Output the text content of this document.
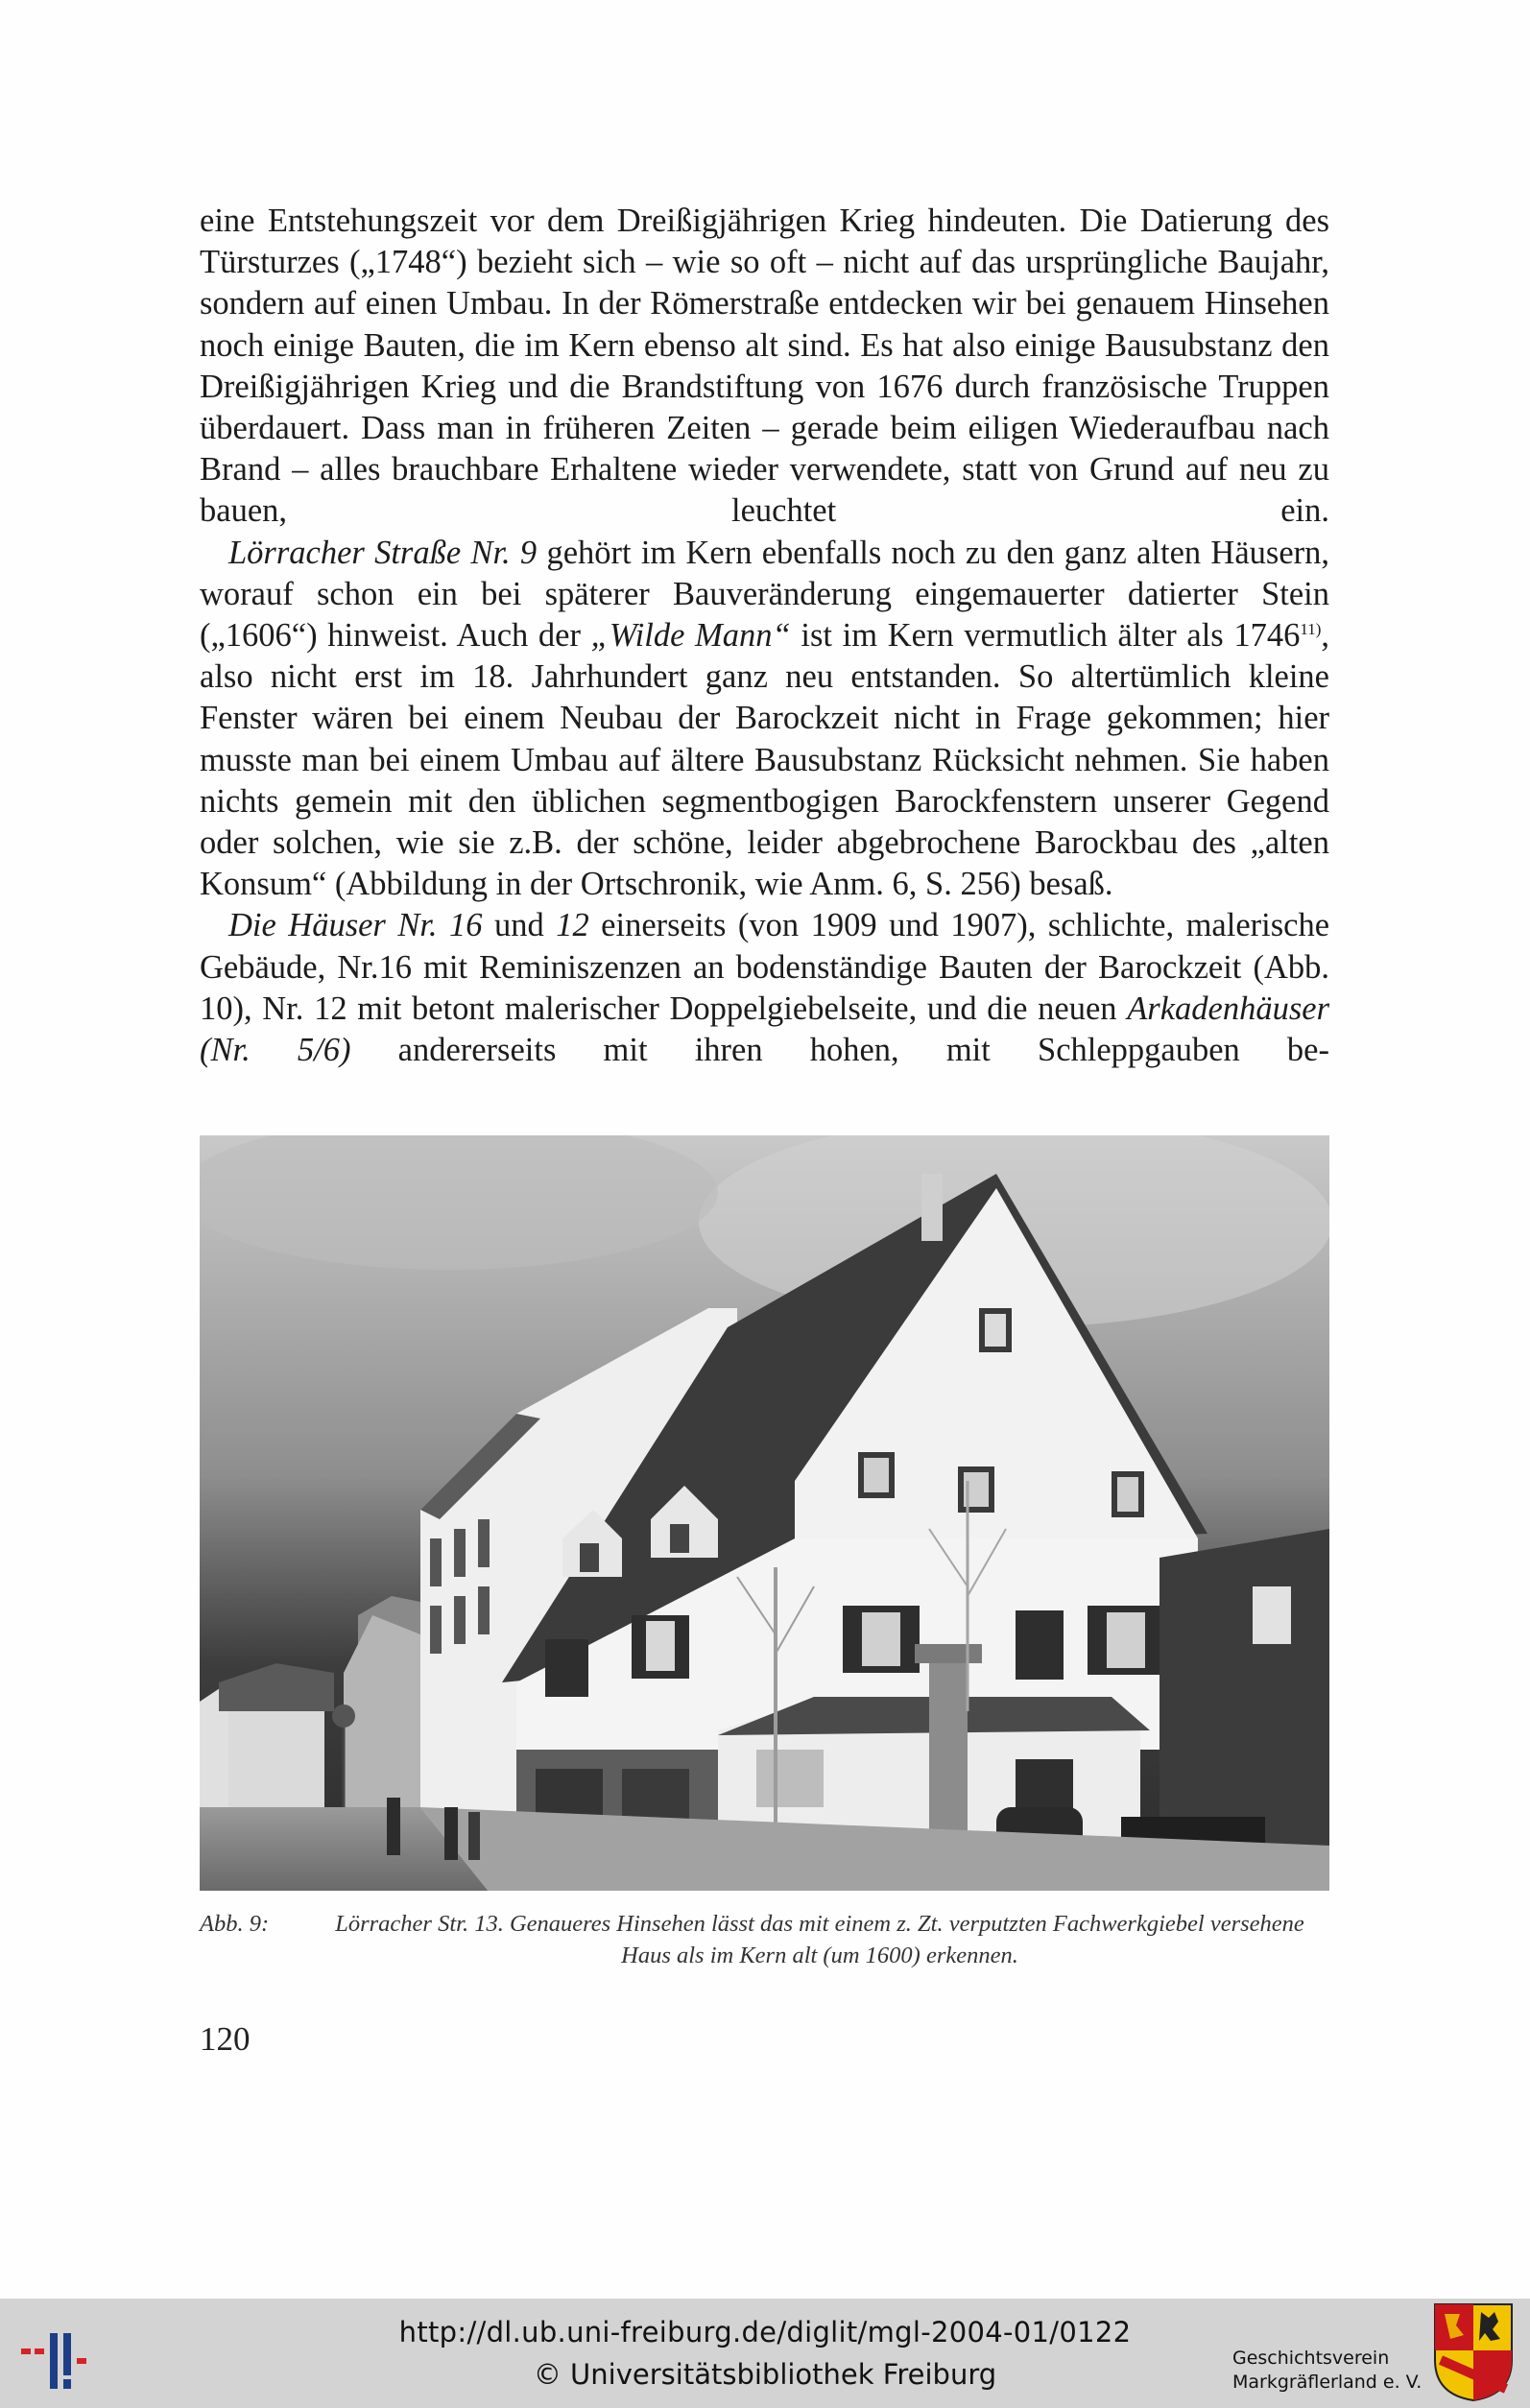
eine Entstehungszeit vor dem Dreißigjährigen Krieg hindeuten. Die Datierung des Türsturzes („1748“) bezieht sich – wie so oft – nicht auf das ursprüngliche Baujahr, sondern auf einen Umbau. In der Römerstraße entdecken wir bei genauem Hinsehen noch einige Bauten, die im Kern ebenso alt sind. Es hat also einige Bausubstanz den Dreißigjährigen Krieg und die Brandstiftung von 1676 durch französische Truppen überdauert. Dass man in früheren Zeiten – gerade beim eiligen Wiederaufbau nach Brand – alles brauchbare Erhaltene wieder verwendete, statt von Grund auf neu zu bauen, leuchtet ein.

Lörracher Straße Nr. 9 gehört im Kern ebenfalls noch zu den ganz alten Häusern, worauf schon ein bei späterer Bauveränderung eingemauerter datierter Stein („1606“) hinweist. Auch der „Wilde Mann“ ist im Kern vermutlich älter als 1746$^{11)}$, also nicht erst im 18. Jahrhundert ganz neu entstanden. So altertümlich kleine Fenster wären bei einem Neubau der Barockzeit nicht in Frage gekommen; hier musste man bei einem Umbau auf ältere Bausubstanz Rücksicht nehmen. Sie haben nichts gemein mit den üblichen segmentbogigen Barockfenstern unserer Gegend oder solchen, wie sie z.B. der schöne, leider abgebrochene Barockbau des „alten Konsum“ (Abbildung in der Ortschronik, wie Anm. 6, S. 256) besaß.

Die Häuser Nr. 16 und 12 einerseits (von 1909 und 1907), schlichte, malerische Gebäude, Nr.16 mit Reminiszenzen an bodenständige Bauten der Barockzeit (Abb. 10), Nr. 12 mit betont malerischer Doppelgiebelseite, und die neuen Arkadenhäuser (Nr. 5/6) andererseits mit ihren hohen, mit Schleppgauben be-

Abb. 9:	Lörracher Str. 13. Genaueres Hinsehen lässt das mit einem z. Zt. verputzten Fachwerkgiebel versehene Haus als im Kern alt (um 1600) erkennen.
120
http://dl.ub.uni-freiburg.de/diglit/mgl-2004-01/0122
© Universitätsbibliothek Freiburg	Geschichtsverein
Markgräflerland e. V.
